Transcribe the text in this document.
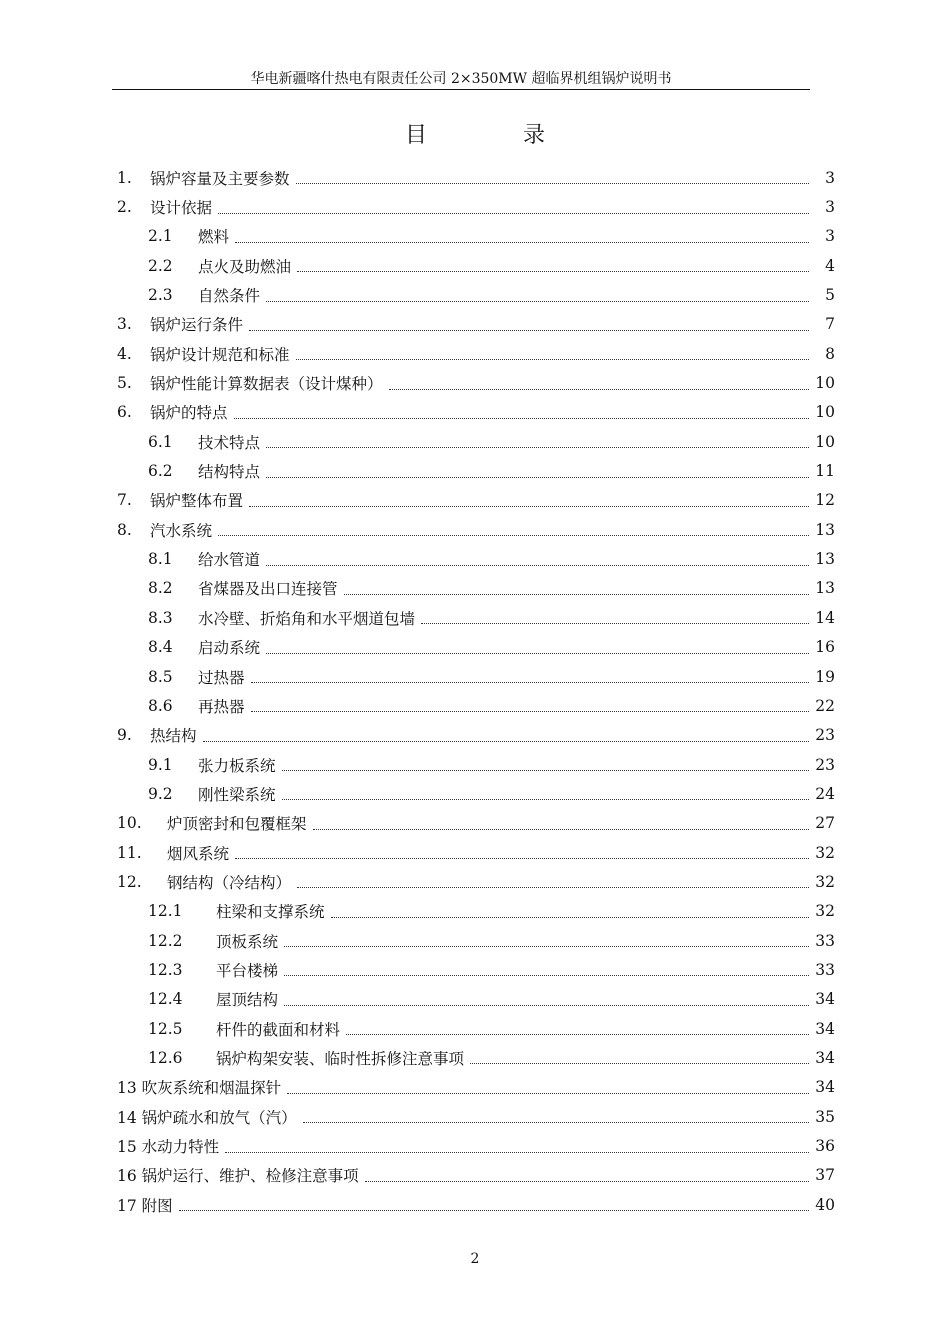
华电新疆喀什热电有限责任公司 2×350MW 超临界机组锅炉说明书
目录
1.	锅炉容量及主要参数	3
2.	设计依据	3
2.1	燃料	3
2.2	点火及助燃油	4
2.3	自然条件	5
3.	锅炉运行条件	7
4.	锅炉设计规范和标准	8
5.	锅炉性能计算数据表（设计煤种）	10
6.	锅炉的特点	10
6.1	技术特点	10
6.2	结构特点	11
7.	锅炉整体布置	12
8.	汽水系统	13
8.1	给水管道	13
8.2	省煤器及出口连接管	13
8.3	水冷壁、折焰角和水平烟道包墙	14
8.4	启动系统	16
8.5	过热器	19
8.6	再热器	22
9.	热结构	23
9.1	张力板系统	23
9.2	刚性梁系统	24
10.	炉顶密封和包覆框架	27
11.	烟风系统	32
12.	钢结构（冷结构）	32
12.1	柱梁和支撑系统	32
12.2	顶板系统	33
12.3	平台楼梯	33
12.4	屋顶结构	34
12.5	杆件的截面和材料	34
12.6	锅炉构架安装、临时性拆修注意事项	34
13 吹灰系统和烟温探针	34
14 锅炉疏水和放气（汽）	35
15 水动力特性	36
16 锅炉运行、维护、检修注意事项	37
17 附图	40
2
